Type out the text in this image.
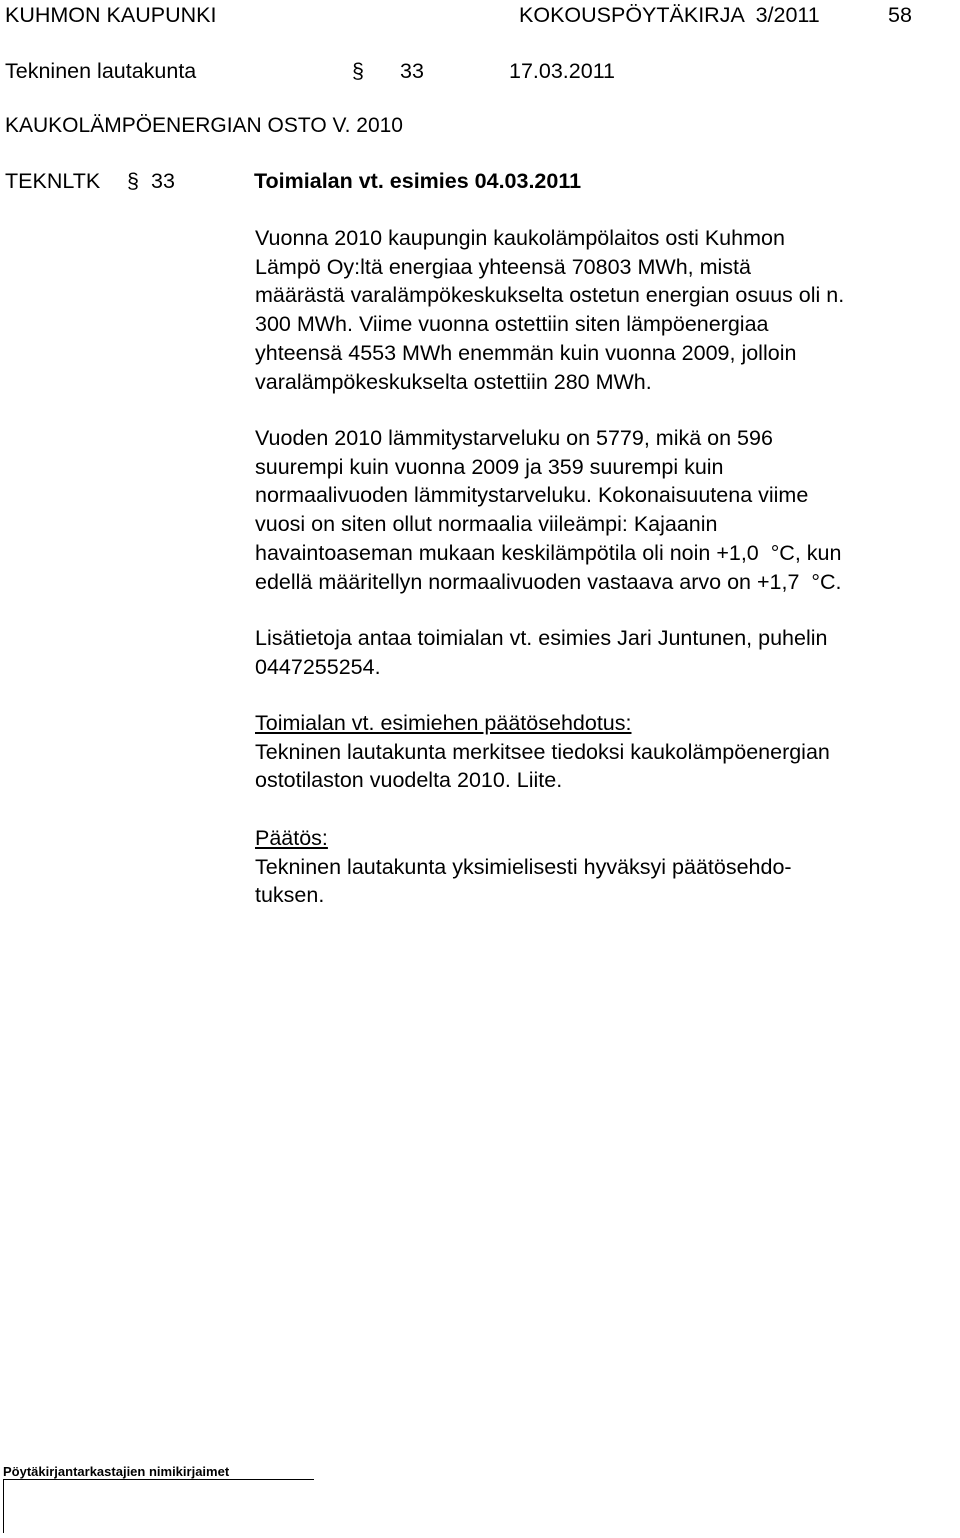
KUHMON KAUPUNKI	KOKOUSPÖYTÄKIRJA  3/2011	58
Tekninen lautakunta	§ 33	17.03.2011
KAUKOLÄMPÖENERGIAN OSTO V. 2010
TEKNLTK § 33	Toimialan vt. esimies 04.03.2011
Vuonna 2010 kaupungin kaukolämpölaitos osti Kuhmon
Lämpö Oy:ltä energiaa yhteensä 70803 MWh, mistä
määrästä varalämpökeskukselta ostetun energian osuus oli n.
300 MWh. Viime vuonna ostettiin siten lämpöenergiaa
yhteensä 4553 MWh enemmän kuin vuonna 2009, jolloin
varalämpökeskukselta ostettiin 280 MWh.
Vuoden 2010 lämmitystarveluku on 5779, mikä on 596
suurempi kuin vuonna 2009 ja 359 suurempi kuin
normaalivuoden lämmitystarveluku. Kokonaisuutena viime
vuosi on siten ollut normaalia viileämpi: Kajaanin
havaintoaseman mukaan keskilämpötila oli noin +1,0  °C, kun
edellä määritellyn normaalivuoden vastaava arvo on +1,7  °C.
Lisätietoja antaa toimialan vt. esimies Jari Juntunen, puhelin
0447255254.
Toimialan vt. esimiehen päätösehdotus:
Tekninen lautakunta merkitsee tiedoksi kaukolämpöenergian
ostotilaston vuodelta 2010. Liite.
Päätös:
Tekninen lautakunta yksimielisesti hyväksyi päätösehdo-
tuksen.
Pöytäkirjantarkastajien nimikirjaimet
